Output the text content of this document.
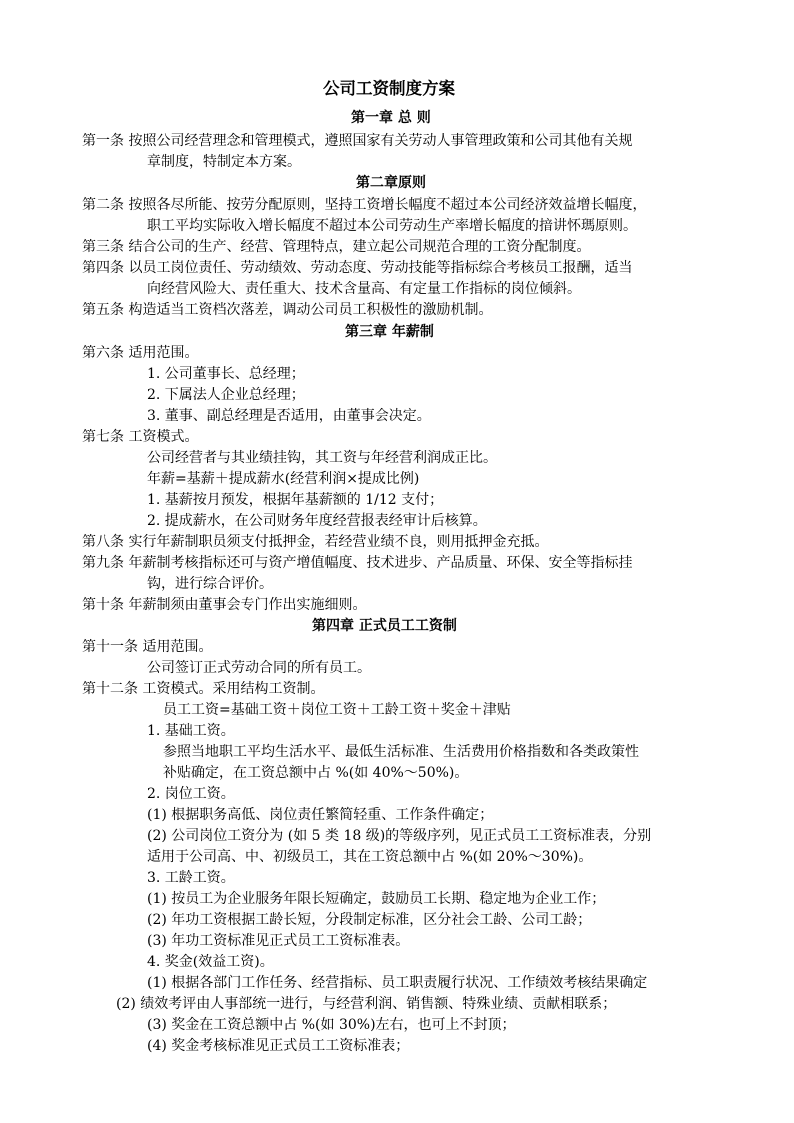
公司工资制度方案
第一章 总 则
第一条 按照公司经营理念和管理模式，遵照国家有关劳动人事管理政策和公司其他有关规
章制度，特制定本方案。
第二章原则
第二条 按照各尽所能、按劳分配原则，坚持工资增长幅度不超过本公司经济效益增长幅度，
职工平均实际收入增长幅度不超过本公司劳动生产率增长幅度的揞讲怀瑪原则。
第三条 结合公司的生产、经营、管理特点，建立起公司规范合理的工资分配制度。
第四条 以员工岗位责任、劳动绩效、劳动态度、劳动技能等指标综合考核员工报酬，适当
向经营风险大、责任重大、技术含量高、有定量工作指标的岗位倾斜。
第五条 构造适当工资档次落差，调动公司员工积极性的激励机制。
第三章 年薪制
第六条 适用范围。
1. 公司董事长、总经理；
2. 下属法人企业总经理；
3. 董事、副总经理是否适用，由董事会决定。
第七条 工资模式。
公司经营者与其业绩挂钩，其工资与年经营利润成正比。
年薪=基薪＋提成薪水(经营利润×提成比例)
1. 基薪按月预发，根据年基薪额的 1/12 支付；
2. 提成薪水，在公司财务年度经营报表经审计后核算。
第八条 实行年薪制职员须支付抵押金，若经营业绩不良，则用抵押金充抵。
第九条 年薪制考核指标还可与资产增值幅度、技术进步、产品质量、环保、安全等指标挂
钩，进行综合评价。
第十条 年薪制须由董事会专门作出实施细则。
第四章 正式员工工资制
第十一条 适用范围。
公司签订正式劳动合同的所有员工。
第十二条 工资模式。采用结构工资制。
员工工资=基础工资＋岗位工资＋工龄工资＋奖金＋津贴
1. 基础工资。
参照当地职工平均生活水平、最低生活标准、生活费用价格指数和各类政策性
补贴确定，在工资总额中占 %(如 40%～50%)。
2. 岗位工资。
(1) 根据职务高低、岗位责任繁简轻重、工作条件确定；
(2) 公司岗位工资分为 (如 5 类 18 级)的等级序列，见正式员工工资标准表，分别
适用于公司高、中、初级员工，其在工资总额中占 %(如 20%～30%)。
3. 工龄工资。
(1) 按员工为企业服务年限长短确定，鼓励员工长期、稳定地为企业工作；
(2) 年功工资根据工龄长短，分段制定标准，区分社会工龄、公司工龄；
(3) 年功工资标准见正式员工工资标准表。
4. 奖金(效益工资)。
(1) 根据各部门工作任务、经营指标、员工职责履行状况、工作绩效考核结果确定
(2) 绩效考评由人事部统一进行，与经营利润、销售额、特殊业绩、贡献相联系；
(3) 奖金在工资总额中占 %(如 30%)左右，也可上不封顶；
(4) 奖金考核标准见正式员工工资标准表；
